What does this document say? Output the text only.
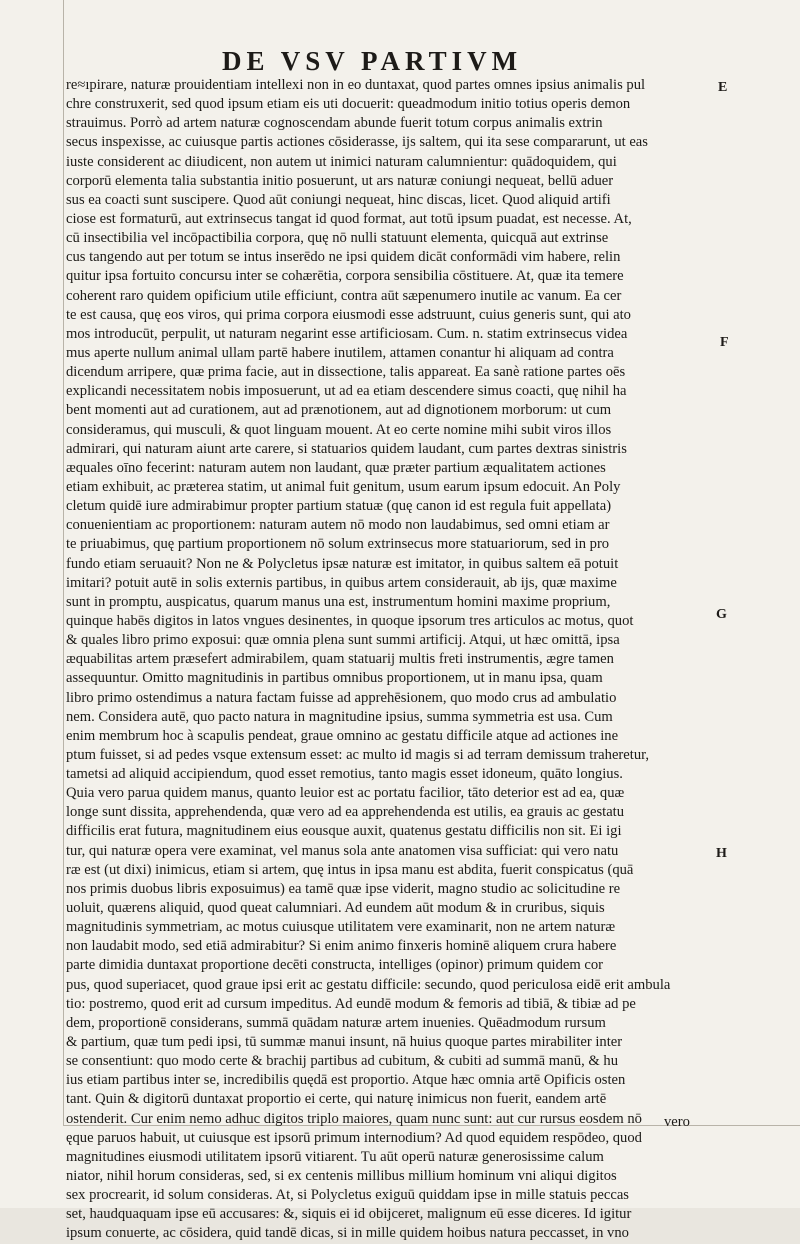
DE VSV PARTIVM
re≈ıpirare, naturæ prouidentiam intellexi non in eo duntaxat, quod partes omnes ipsius animalis pul
chre construxerit, sed quod ipsum etiam eis uti docuerit: queadmodum initio totius operis demon
strauimus. Porrò ad artem naturæ cognoscendam abunde fuerit totum corpus animalis extrin
secus inspexisse, ac cuiusque partis actiones cōsiderasse, ijs saltem, qui ita sese compararunt, ut eas
iuste considerent ac diiudicent, non autem ut inimici naturam calumnientur: quādoquidem, qui
corporū elementa talia substantia initio posuerunt, ut ars naturæ coniungi nequeat, bellū aduer
sus ea coacti sunt suscipere. Quod aūt coniungi nequeat, hinc discas, licet. Quod aliquid artifi
ciose est formaturū, aut extrinsecus tangat id quod format, aut totū ipsum puadat, est necesse. At,
cū insectibilia vel incōpactibilia corpora, quę nō nulli statuunt elementa, quicquā aut extrinse
cus tangendo aut per totum se intus inserēdo ne ipsi quidem dicāt conformādi vim habere, relin
quitur ipsa fortuito concursu inter se cohærētia, corpora sensibilia cōstituere. At, quæ ita temere
coherent raro quidem opificium utile efficiunt, contra aūt sæpenumero inutile ac vanum. Ea cer
te est causa, quę eos viros, qui prima corpora eiusmodi esse adstruunt, cuius generis sunt, qui ato
mos introducūt, perpulit, ut naturam negarint esse artificiosam. Cum. n. statim extrinsecus videa
mus aperte nullum animal ullam partē habere inutilem, attamen conantur hi aliquam ad contra
dicendum arripere, quæ prima facie, aut in dissectione, talis appareat. Ea sanè ratione partes oēs
explicandi necessitatem nobis imposuerunt, ut ad ea etiam descendere simus coacti, quę nihil ha
bent momenti aut ad curationem, aut ad prænotionem, aut ad dignotionem morborum: ut cum
consideramus, qui musculi, & quot linguam mouent. At eo certe nomine mihi subit viros illos
admirari, qui naturam aiunt arte carere, si statuarios quidem laudant, cum partes dextras sinistris
æquales oīno fecerint: naturam autem non laudant, quæ præter partium æqualitatem actiones
etiam exhibuit, ac præterea statim, ut animal fuit genitum, usum earum ipsum edocuit. An Poly
cletum quidē iure admirabimur propter partium statuæ (quę canon id est regula fuit appellata)
conuenientiam ac proportionem: naturam autem nō modo non laudabimus, sed omni etiam ar
te priuabimus, quę partium proportionem nō solum extrinsecus more statuariorum, sed in pro
fundo etiam seruauit? Non ne & Polycletus ipsæ naturæ est imitator, in quibus saltem eā potuit
imitari? potuit autē in solis externis partibus, in quibus artem considerauit, ab ijs, quæ maxime
sunt in promptu, auspicatus, quarum manus una est, instrumentum homini maxime proprium,
quinque habēs digitos in latos vngues desinentes, in quoque ipsorum tres articulos ac motus, quot
& quales libro primo exposui: quæ omnia plena sunt summi artificij. Atqui, ut hæc omittā, ipsa
æquabilitas artem præsefert admirabilem, quam statuarij multis freti instrumentis, ægre tamen
assequuntur. Omitto magnitudinis in partibus omnibus proportionem, ut in manu ipsa, quam
libro primo ostendimus a natura factam fuisse ad apprehēsionem, quo modo crus ad ambulatio
nem. Considera autē, quo pacto natura in magnitudine ipsius, summa symmetria est usa. Cum
enim membrum hoc à scapulis pendeat, graue omnino ac gestatu difficile atque ad actiones ine
ptum fuisset, si ad pedes vsque extensum esset: ac multo id magis si ad terram demissum traheretur,
tametsi ad aliquid accipiendum, quod esset remotius, tanto magis esset idoneum, quāto longius.
Quia vero parua quidem manus, quanto leuior est ac portatu facilior, tāto deterior est ad ea, quæ
longe sunt dissita, apprehendenda, quæ vero ad ea apprehendenda est utilis, ea grauis ac gestatu
difficilis erat futura, magnitudinem eius eousque auxit, quatenus gestatu difficilis non sit. Ei igi
tur, qui naturæ opera vere examinat, vel manus sola ante anatomen visa sufficiat: qui vero natu
ræ est (ut dixi) inimicus, etiam si artem, quę intus in ipsa manu est abdita, fuerit conspicatus (quā
nos primis duobus libris exposuimus) ea tamē quæ ipse viderit, magno studio ac solicitudine re
uoluit, quærens aliquid, quod queat calumniari. Ad eundem aūt modum & in cruribus, siquis
magnitudinis symmetriam, ac motus cuiusque utilitatem vere examinarit, non ne artem naturæ
non laudabit modo, sed etiā admirabitur? Si enim animo finxeris hominē aliquem crura habere
parte dimidia duntaxat proportione decēti constructa, intelliges (opinor) primum quidem cor
pus, quod superiacet, quod graue ipsi erit ac gestatu difficile: secundo, quod periculosa eidē erit ambula
tio: postremo, quod erit ad cursum impeditus. Ad eundē modum & femoris ad tibiā, & tibiæ ad pe
dem, proportionē considerans, summā quādam naturæ artem inuenies. Quēadmodum rursum
& partium, quæ tum pedi ipsi, tū summæ manui insunt, nā huius quoque partes mirabiliter inter
se consentiunt: quo modo certe & brachij partibus ad cubitum, & cubiti ad summā manū, & hu
ius etiam partibus inter se, incredibilis quędā est proportio. Atque hæc omnia artē Opificis osten
tant. Quin & digitorū duntaxat proportio ei certe, qui naturę inimicus non fuerit, eandem artē
ostenderit. Cur enim nemo adhuc digitos triplo maiores, quam nunc sunt: aut cur rursus eosdem nō
ęque paruos habuit, ut cuiusque est ipsorū primum internodium? Ad quod equidem respōdeo, quod
magnitudines eiusmodi utilitatem ipsorū vitiarent. Tu aūt operū naturæ generosissime calum
niator, nihil horum consideras, sed, si ex centenis millibus millium hominum vni aliqui digitos
sex procrearit, id solum consideras. At, si Polycletus exiguū quiddam ipse in mille statuis peccas
set, haudquaquam ipse eū accusares: &, siquis ei id obijceret, malignum eū esse diceres. Id igitur
ipsum conuerte, ac cōsidera, quid tandē dicas, si in mille quidem hoibus natura peccasset, in vno
E
F
G
H
vero
